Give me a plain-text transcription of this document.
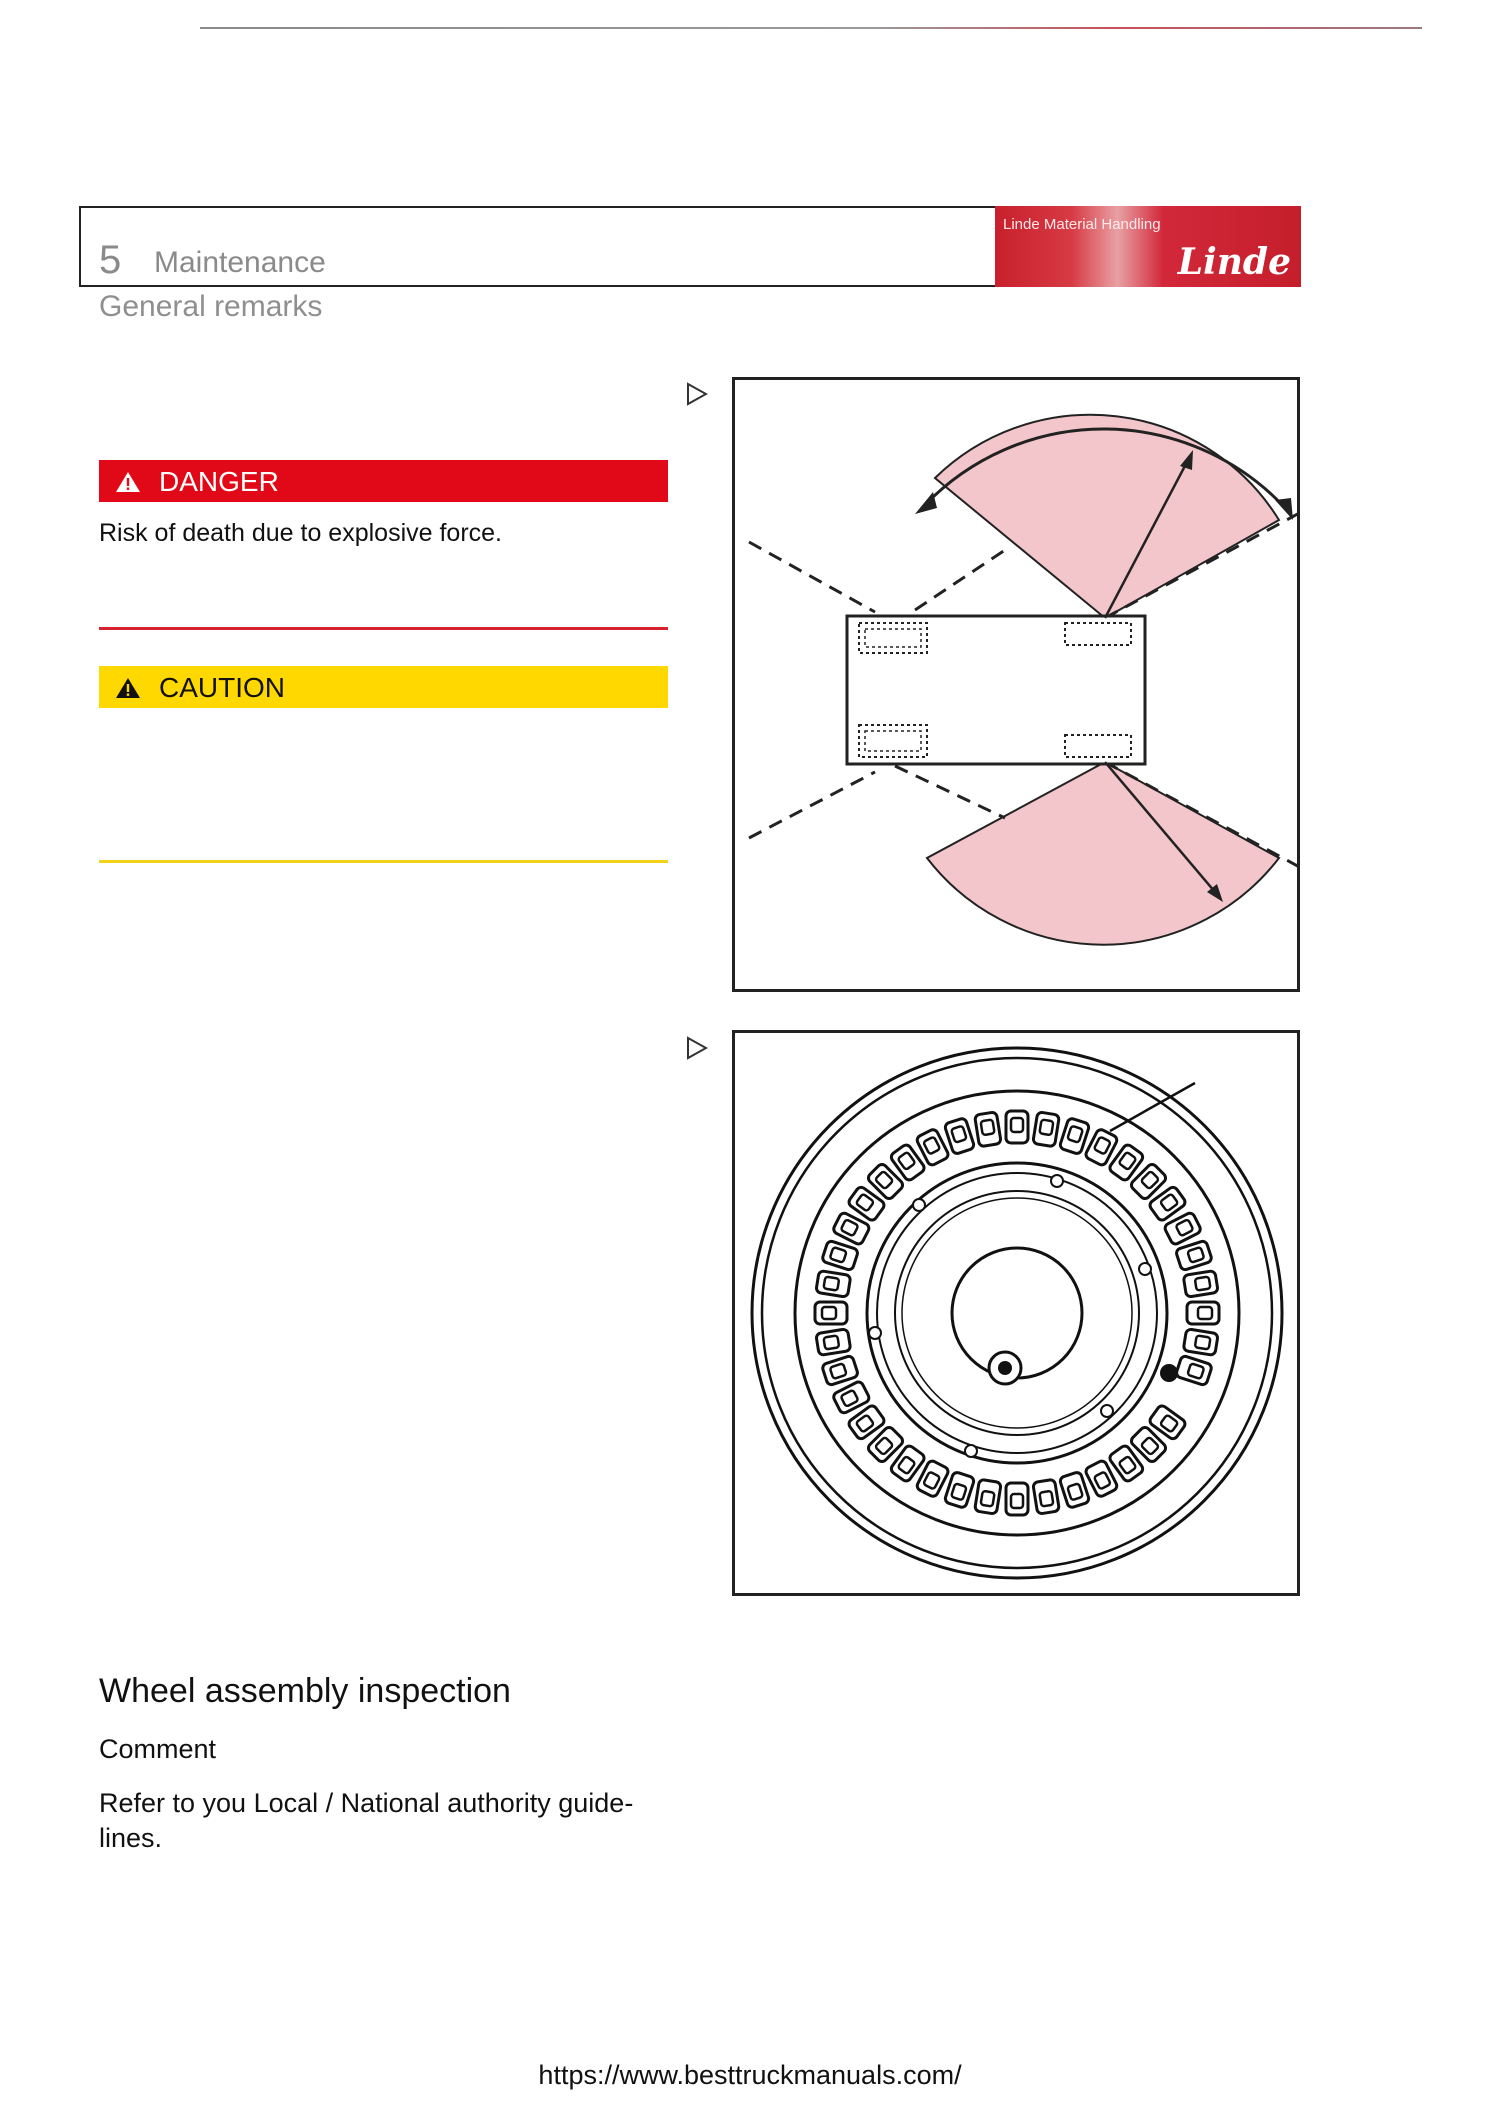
5 Maintenance
Linde Material Handling
Linde
General remarks
DANGER
Risk of death due to explosive force.
CAUTION
Wheel assembly inspection
Comment
Refer to you Local / National authority guide-lines.
https://www.besttruckmanuals.com/
